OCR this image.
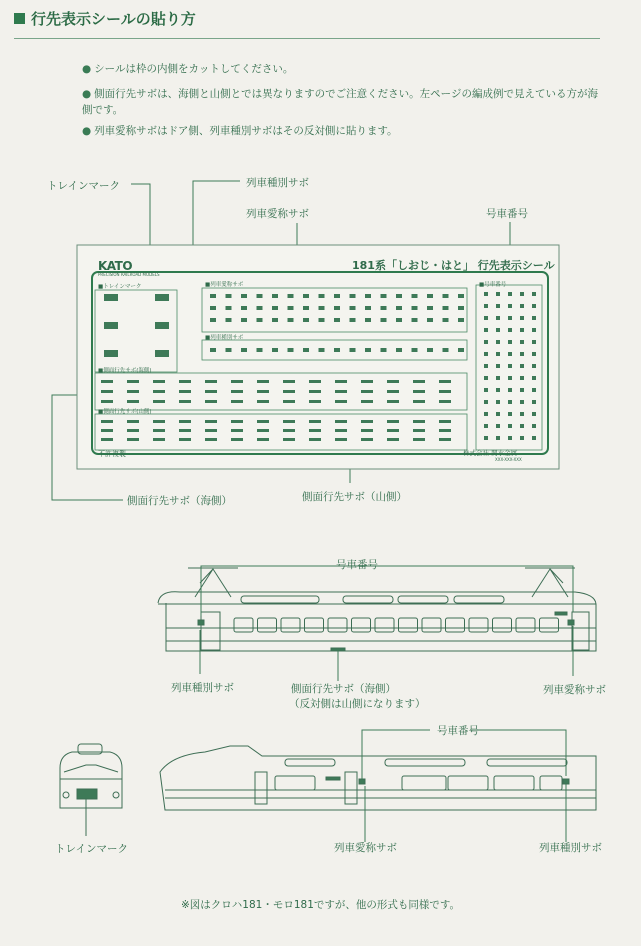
行先表示シールの貼り方
● シールは枠の内側をカットしてください。
● 側面行先サボは、海側と山側とでは異なりますのでご注意ください。左ページの編成例で見えている方が海側です。
● 列車愛称サボはドア側、列車種別サボはその反対側に貼ります。
トレインマーク	列車種別サボ
列車愛称サボ	号車番号
KATO
PRECISION RAILROAD MODELS
181系「しおじ・はと」 行先表示シール
■トレインマーク	■列車愛称サボ
■列車種別サボ
■側面行先サボ(海側)
■側面行先サボ(山側)
■号車番号
不許複製	株式会社 関水金属
XXX-XXX-XXX
側面行先サボ（海側）	側面行先サボ（山側）
号車番号
列車種別サボ	側面行先サボ（海側）
（反対側は山側になります）
列車愛称サボ
号車番号
列車愛称サボ	列車種別サボ
トレインマーク
※図はクロハ181・モロ181ですが、他の形式も同様です。
